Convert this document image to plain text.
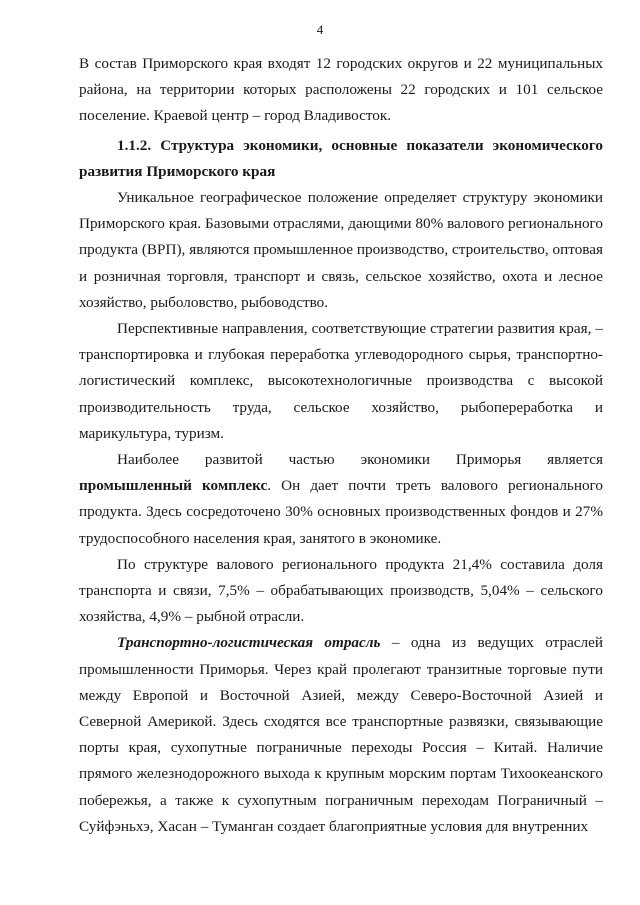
4

В состав Приморского края входят 12 городских округов и 22 муниципальных района, на территории которых расположены 22 городских и 101 сельское поселение. Краевой центр – город Владивосток.

1.1.2. Структура экономики, основные показатели экономического развития Приморского края

Уникальное географическое положение определяет структуру экономики Приморского края. Базовыми отраслями, дающими 80% валового регионального продукта (ВРП), являются промышленное производство, строительство, оптовая и розничная торговля, транспорт и связь, сельское хозяйство, охота и лесное хозяйство, рыболовство, рыбоводство.

Перспективные направления, соответствующие стратегии развития края, – транспортировка и глубокая переработка углеводородного сырья, транспортно-логистический комплекс, высокотехнологичные производства с высокой производительность труда, сельское хозяйство, рыбопереработка и марикультура, туризм.

Наиболее развитой частью экономики Приморья является промышленный комплекс. Он дает почти треть валового регионального продукта. Здесь сосредоточено 30% основных производственных фондов и 27% трудоспособного населения края, занятого в экономике.

По структуре валового регионального продукта 21,4% составила доля транспорта и связи, 7,5% – обрабатывающих производств, 5,04% – сельского хозяйства, 4,9% – рыбной отрасли.

Транспортно-логистическая отрасль – одна из ведущих отраслей промышленности Приморья. Через край пролегают транзитные торговые пути между Европой и Восточной Азией, между Северо-Восточной Азией и Северной Америкой. Здесь сходятся все транспортные развязки, связывающие порты края, сухопутные пограничные переходы Россия – Китай. Наличие прямого железнодорожного выхода к крупным морским портам Тихоокеанского побережья, а также к сухопутным пограничным переходам Пограничный – Суйфэньхэ, Хасан – Туманган создает благоприятные условия для внутренних
